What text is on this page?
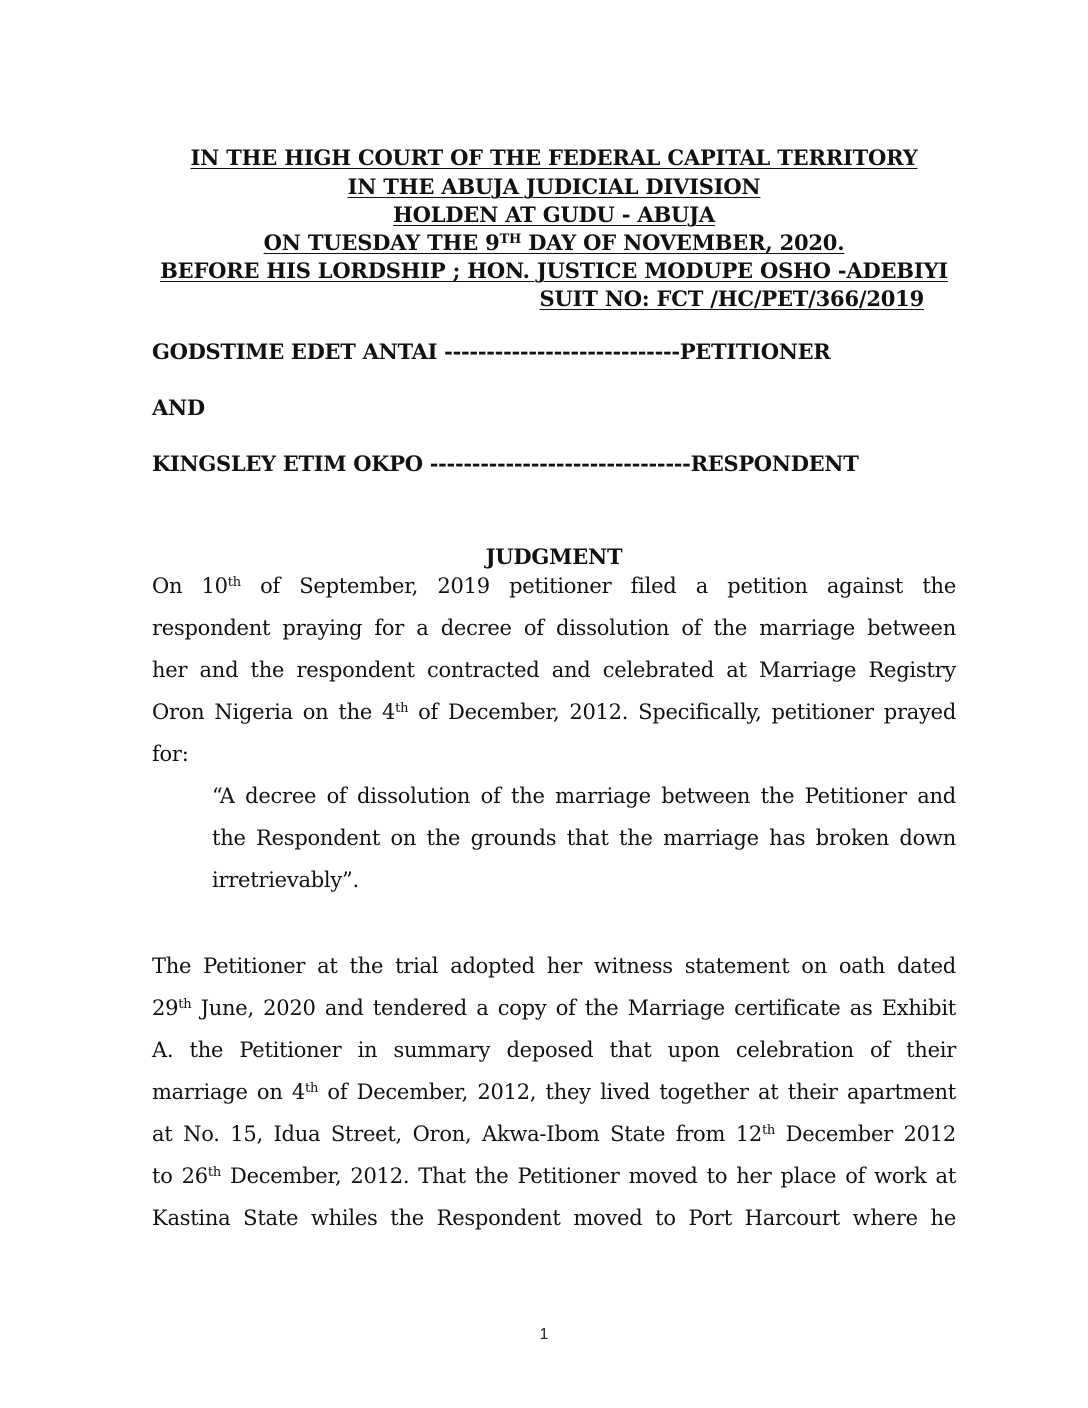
IN THE HIGH COURT OF THE FEDERAL CAPITAL TERRITORY
IN THE ABUJA JUDICIAL DIVISION
HOLDEN AT GUDU - ABUJA
ON TUESDAY THE 9TH DAY OF NOVEMBER, 2020.
BEFORE HIS LORDSHIP ; HON. JUSTICE MODUPE OSHO -ADEBIYI
SUIT NO: FCT /HC/PET/366/2019
GODSTIME EDET ANTAI ----------------------------PETITIONER
AND
KINGSLEY ETIM OKPO -------------------------------RESPONDENT
JUDGMENT
On 10th of September, 2019 petitioner filed a petition against the
respondent praying for a decree of dissolution of the marriage between
her and the respondent contracted and celebrated at Marriage Registry
Oron Nigeria on the 4th of December, 2012. Specifically, petitioner prayed
for:
“A decree of dissolution of the marriage between the Petitioner and
the Respondent on the grounds that the marriage has broken down
irretrievably”.
The Petitioner at the trial adopted her witness statement on oath dated
29th June, 2020 and tendered a copy of the Marriage certificate as Exhibit
A. the Petitioner in summary deposed that upon celebration of their
marriage on 4th of December, 2012, they lived together at their apartment
at No. 15, Idua Street, Oron, Akwa-Ibom State from 12th December 2012
to 26th December, 2012. That the Petitioner moved to her place of work at
Kastina State whiles the Respondent moved to Port Harcourt where he
1
